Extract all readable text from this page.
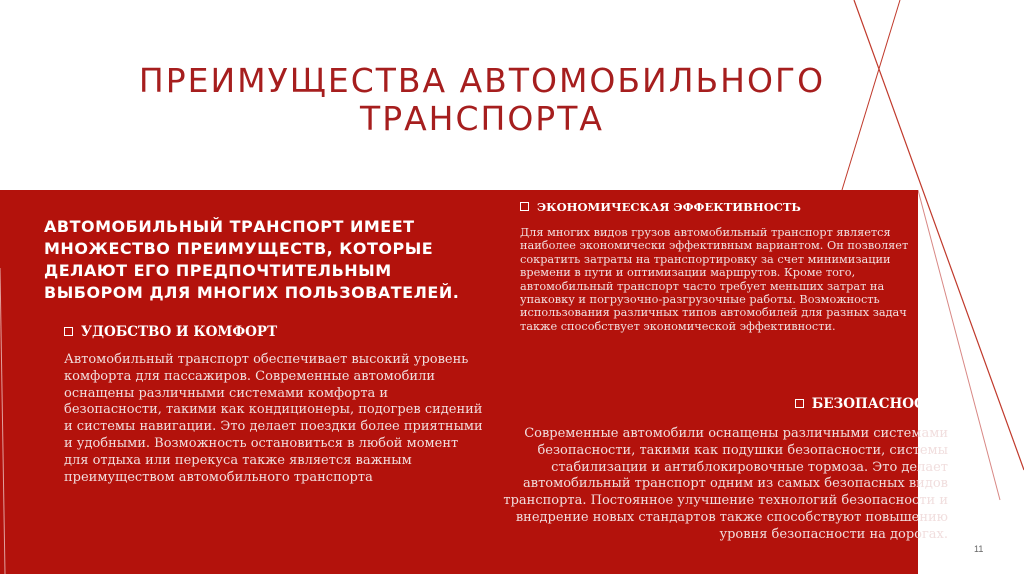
ПРЕИМУЩЕСТВА АВТОМОБИЛЬНОГО
ТРАНСПОРТА
АВТОМОБИЛЬНЫЙ ТРАНСПОРТ ИМЕЕТ МНОЖЕСТВО ПРЕИМУЩЕСТВ, КОТОРЫЕ ДЕЛАЮТ ЕГО ПРЕДПОЧТИТЕЛЬНЫМ ВЫБОРОМ ДЛЯ МНОГИХ ПОЛЬЗОВАТЕЛЕЙ.
УДОБСТВО И КОМФОРТ
Автомобильный транспорт обеспечивает высокий уровень комфорта для пассажиров. Современные автомобили оснащены различными системами комфорта и безопасности, такими как кондиционеры, подогрев сидений и системы навигации. Это делает поездки более приятными и удобными. Возможность остановиться в любой момент для отдыха или перекуса также является важным преимуществом автомобильного транспорта
ЭКОНОМИЧЕСКАЯ ЭФФЕКТИВНОСТЬ
Для многих видов грузов автомобильный транспорт является наиболее экономически эффективным вариантом. Он позволяет сократить затраты на транспортировку за счет минимизации времени в пути и оптимизации маршрутов. Кроме того, автомобильный транспорт часто требует меньших затрат на упаковку и погрузочно-разгрузочные работы. Возможность использования различных типов автомобилей для разных задач также способствует экономической эффективности.
БЕЗОПАСНОСТЬ
Современные автомобили оснащены различными системами безопасности, такими как подушки безопасности, системы стабилизации и антиблокировочные тормоза. Это делает автомобильный транспорт одним из самых безопасных видов транспорта. Постоянное улучшение технологий безопасности и внедрение новых стандартов также способствуют повышению уровня безопасности на дорогах.
11
